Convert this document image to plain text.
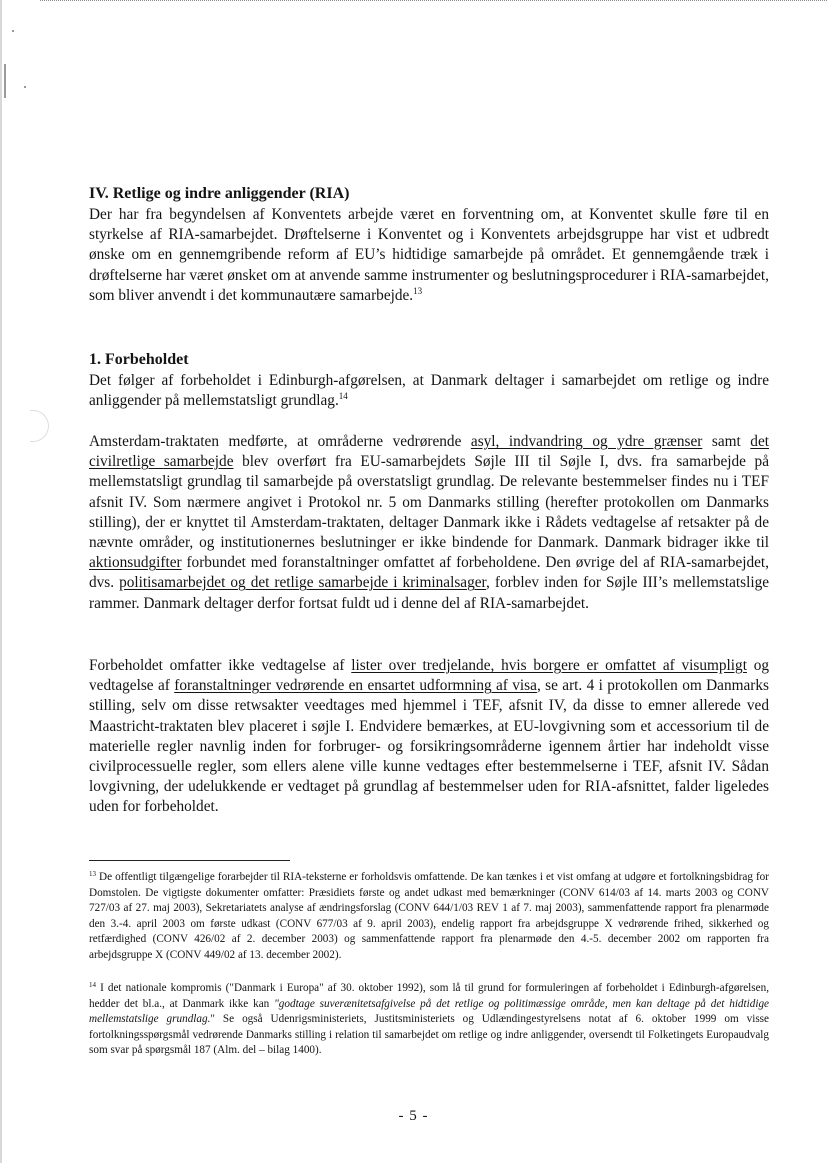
IV. Retlige og indre anliggender (RIA)

Der har fra begyndelsen af Konventets arbejde været en forventning om, at Konventet skulle føre til en styrkelse af RIA-samarbejdet. Drøftelserne i Konventet og i Konventets arbejdsgruppe har vist et udbredt ønske om en gennemgribende reform af EU’s hidtidige samarbejde på området. Et gennemgående træk i drøftelserne har været ønsket om at anvende samme instrumenter og beslutningsprocedurer i RIA-samarbejdet, som bliver anvendt i det kommunautære samarbejde.$^{13}$

1. Forbeholdet

Det følger af forbeholdet i Edinburgh-afgørelsen, at Danmark deltager i samarbejdet om retlige og indre anliggender på mellemstatsligt grundlag.$^{14}$

Amsterdam-traktaten medførte, at områderne vedrørende asyl, indvandring og ydre grænser samt det civilretlige samarbejde blev overført fra EU-samarbejdets Søjle III til Søjle I, dvs. fra samarbejde på mellemstatsligt grundlag til samarbejde på overstatsligt grundlag. De relevante bestemmelser findes nu i TEF afsnit IV. Som nærmere angivet i Protokol nr. 5 om Danmarks stilling (herefter protokollen om Danmarks stilling), der er knyttet til Amsterdam-traktaten, deltager Danmark ikke i Rådets vedtagelse af retsakter på de nævnte områder, og institutionernes beslutninger er ikke bindende for Danmark. Danmark bidrager ikke til aktionsudgifter forbundet med foranstaltninger omfattet af forbeholdene. Den øvrige del af RIA-samarbejdet, dvs. politisamarbejdet og det retlige samarbejde i kriminalsager, forblev inden for Søjle III’s mellemstatslige rammer. Danmark deltager derfor fortsat fuldt ud i denne del af RIA-samarbejdet.

Forbeholdet omfatter ikke vedtagelse af lister over tredjelande, hvis borgere er omfattet af visumpligt og vedtagelse af foranstaltninger vedrørende en ensartet udformning af visa, se art. 4 i protokollen om Danmarks stilling, selv om disse retwsakter veedtages med hjemmel i TEF, afsnit IV, da disse to emner allerede ved Maastricht-traktaten blev placeret i søjle I. Endvidere bemærkes, at EU-lovgivning som et accessorium til de materielle regler navnlig inden for forbruger- og forsikringsområderne igennem årtier har indeholdt visse civilprocessuelle regler, som ellers alene ville kunne vedtages efter bestemmelserne i TEF, afsnit IV. Sådan lovgivning, der udelukkende er vedtaget på grundlag af bestemmelser uden for RIA-afsnittet, falder ligeledes uden for forbeholdet.

$^{13}$ De offentligt tilgængelige forarbejder til RIA-teksterne er forholdsvis omfattende. De kan tænkes i et vist omfang at udgøre et fortolkningsbidrag for Domstolen. De vigtigste dokumenter omfatter: Præsidiets første og andet udkast med bemærkninger (CONV 614/03 af 14. marts 2003 og CONV 727/03 af 27. maj 2003), Sekretariatets analyse af ændringsforslag (CONV 644/1/03 REV 1 af 7. maj 2003), sammenfattende rapport fra plenarmøde den 3.-4. april 2003 om første udkast (CONV 677/03 af 9. april 2003), endelig rapport fra arbejdsgruppe X vedrørende frihed, sikkerhed og retfærdighed (CONV 426/02 af 2. december 2003) og sammenfattende rapport fra plenarmøde den 4.-5. december 2002 om rapporten fra arbejdsgruppe X (CONV 449/02 af 13. december 2002).
$^{14}$ I det nationale kompromis ("Danmark i Europa" af 30. oktober 1992), som lå til grund for formuleringen af forbeholdet i Edinburgh-afgørelsen, hedder det bl.a., at Danmark ikke kan "godtage suverænitetsafgivelse på det retlige og politimæssige område, men kan deltage på det hidtidige mellemstatslige grundlag." Se også Udenrigsministeriets, Justitsministeriets og Udlændingestyrelsens notat af 6. oktober 1999 om visse fortolkningsspørgsmål vedrørende Danmarks stilling i relation til samarbejdet om retlige og indre anliggender, oversendt til Folketingets Europaudvalg som svar på spørgsmål 187 (Alm. del – bilag 1400).
- 5 -
